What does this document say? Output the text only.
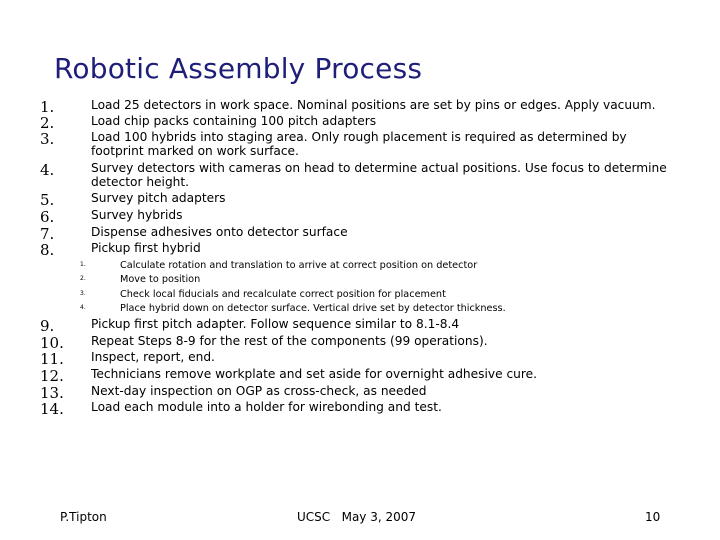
Robotic Assembly Process
1.	Load 25 detectors in work space. Nominal positions are set by pins or edges. Apply vacuum.
2.	Load chip packs containing 100 pitch adapters
3.	Load 100 hybrids into staging area. Only rough placement is required as determined by footprint marked on work surface.
4.	Survey detectors with cameras on head to determine actual positions. Use focus to determine detector height.
5.	Survey pitch adapters
6.	Survey hybrids
7.	Dispense adhesives onto detector surface
8.	Pickup first hybrid
1.	Calculate rotation and translation to arrive at correct position on detector
2.	Move to position
3.	Check local fiducials and recalculate correct position for placement
4.	Place hybrid down on detector surface. Vertical drive set by detector thickness.
9.	Pickup first pitch adapter. Follow sequence similar to 8.1-8.4
10.	Repeat Steps 8-9 for the rest of the components (99 operations).
11.	Inspect, report, end.
12.	Technicians remove workplate and set aside for overnight adhesive cure.
13.	Next-day inspection on OGP as cross-check, as needed
14.	Load each module into a holder for wirebonding and test.
P.Tipton	UCSC   May 3, 2007	10
